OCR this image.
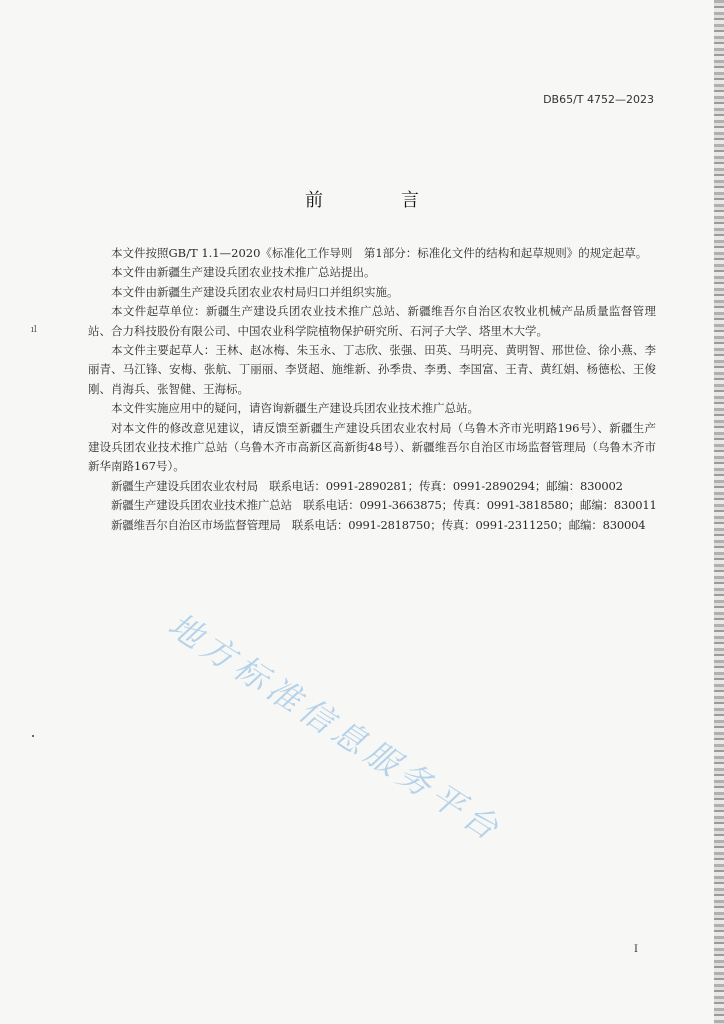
DB65/T 4752—2023
前　言

本文件按照GB/T 1.1—2020《标准化工作导则　第1部分：标准化文件的结构和起草规则》的规定起草。

本文件由新疆生产建设兵团农业技术推广总站提出。

本文件由新疆生产建设兵团农业农村局归口并组织实施。

本文件起草单位：新疆生产建设兵团农业技术推广总站、新疆维吾尔自治区农牧业机械产品质量监督管理站、合力科技股份有限公司、中国农业科学院植物保护研究所、石河子大学、塔里木大学。

本文件主要起草人：王林、赵冰梅、朱玉永、丁志欣、张强、田英、马明亮、黄明智、邢世俭、徐小燕、李丽青、马江锋、安梅、张航、丁丽丽、李贤超、施维新、孙季贵、李勇、李国富、王青、黄红娟、杨德松、王俊刚、肖海兵、张智健、王海标。

本文件实施应用中的疑问，请咨询新疆生产建设兵团农业技术推广总站。

对本文件的修改意见建议，请反馈至新疆生产建设兵团农业农村局（乌鲁木齐市光明路196号）、新疆生产建设兵团农业技术推广总站（乌鲁木齐市高新区高新街48号）、新疆维吾尔自治区市场监督管理局（乌鲁木齐市新华南路167号）。

新疆生产建设兵团农业农村局　联系电话：0991-2890281；传真：0991-2890294；邮编：830002

新疆生产建设兵团农业技术推广总站　联系电话：0991-3663875；传真：0991-3818580；邮编：830011

新疆维吾尔自治区市场监督管理局　联系电话：0991-2818750；传真：0991-2311250；邮编：830004

地方标准信息服务平台
ıl
I
